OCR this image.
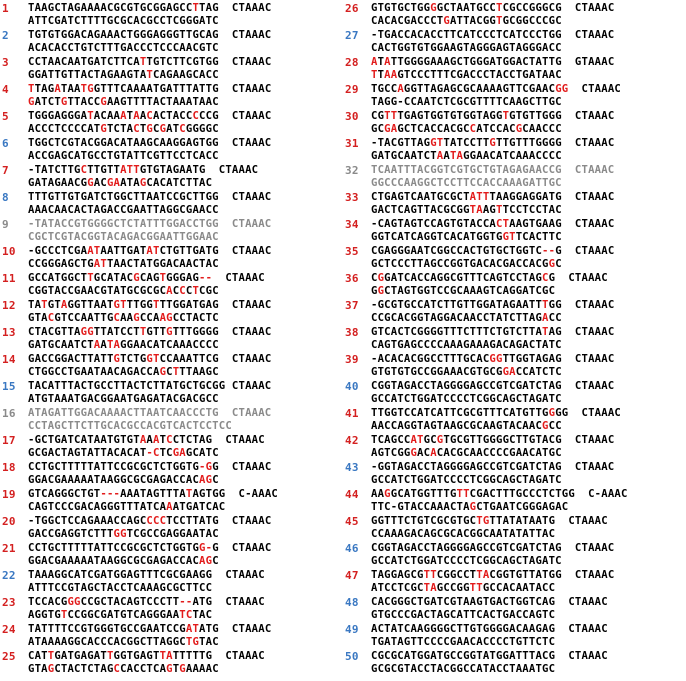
1	TAAGCTAGAAAACGCGTGCGGAGCCTTAG CTAAAC
ATTCGATCTTTTGCGCACGCCTCGGGATC
2	TGTGTGGACAGAAACTGGGAGGGTTGCAG  CTAAAC
ACACACCTGTCTTTGACCCTCCCAACGTC
3	CCTAACAATGATCTTCATTGTCTTCGTGG CTAAAC
GGATTGTTACTAGAAGTATCAGAAGCACC
4	TTAGATAATGGTTTCAAAATGATTTATTG CTAAAC
GATCTGTTACCGAAGTTTTACTAAATAAC
5	TGGGAGGGATACAAATAACACTACCCCCG CTAAAC
ACCCTCCCCATGTCTACTGCGATCGGGGC
6	TGGCTCGTACGGACATAAGCAAGGAGTGG  CTAAAC
ACCGAGCATGCCTGTATTCGTTCCTCACC
7	-TATCTTGCTTGTTATTGTGTAGAATG CTAAAC
GATAGAACGGACGAATAGCACATCTTAC
8	TTTGTTGTGATCTGGCTTAATCCGCTTGG  CTAAAC
AAACAACACTAGACCGAATTAGGCGAACC
9	-TATACCGTGGGGCTCTATTTGGACCTGG  CTAAAC
CGCTCGTACGGTACAGACGGAATTGGAAC
10	-GCCCTCGAATAATTGATATCTGTTGATG CTAAAC
CCGGGAGCTGATTAACTATGGACAACTAC
11	GCCATGGCTTGCATACGCAGTGGGAG-- CTAAAC
CGGTACCGAACGTATGCGCGCACCCTCGC
12	TATGTAGGTTAATGTTTGGTTTGGATGAG CTAAAC
GTACGTCCAATTGCAAGCCAAGCCTACTC
13	CTACGTTAGGTTATCCTTGTTGTTTGGGG CTAAAC
GATGCAATCTAATAGGAACATCAAACCCC
14	GACCGGACTTATTGTCTGGTCCAAATTCG CTAAAC
CTGGCCTGAATAACAGACCAGCTTTAAGC
15	TACATTTACTGCCTTACTCTTATGCTGCGG CTAAAC
ATGTAAATGACGGAATGAGATACGACGCC
16	ATAGATTGGACAAAACTTAATCAACCCTG  CTAAAC
CCTAGCTTCTTGCACGCCACGTCACTCCTCC
17	-GCTGATCATAATGTGTAAATCCTCTAG CTAAAC
GCGACTAGTATTACACAT-CTCGAGCATC
18	CCTGCTTTTTATTCCGCGCTCTGGTG-GG CTAAAC
GGACGAAAAATAAGGCGCGAGACCACAGC
19	GTCAGGGCTGT---AAATAGTTTATAGTGG C-AAAC
CAGTCCCGACAGGGTTTATCAAATGATCAC
20	-TGGCTCCAGAAACCAGCCCCTCCTTATG CTAAAC
GACCGAGGTCTTTGGTCGCCGAGGAATAC
21	CCTGCTTTTTATTCCGCGCTCTGGTGG-G CTAAAC
GGACGAAAAATAAGGCGCGAGACCACAGC
22	TAAAGGCATCGATGGAGTTTCGCGAAGG  CTAAAC
ATTTCCGTAGCTACCTCAAAGCGCTTCC
23	TCCACGGGCCGCTACAGTCCCTT--ATG CTAAAC
AGGTGTCCGGCGATGTCAGGGAATCTAC
24	TATTTTCCGTGGGTGCCGAATCCGATATG CTAAAC
ATAAAAGGCACCCACGGCTTAGGCTGTAC
25	CATTGATGAGATTGGTGAGTTATTTTTG CTAAAC
GTAGCTACTCTAGCCACCTCAGTGAAAAC
26	GTGTGCTGGGGCTAATGCCTCGCCGGGCG CTAAAC
CACACGACCCTGATTACGGTGCGGCCCGC
27	-TGACCACACCTTCATCCCTCATCCCTGG  CTAAAC
CACTGGTGTGGAAGTAGGGAGTAGGGACC
28	ATATTGGGGAAAGCTGGGATGGACTATTG GTAAAC
TTAAGTCCCTTTCGACCCTACCTGATAAC
29	TGCCAGGTTAGAGCGCAAAAGTTCGAACGG CTAAAC
TAGG-CCAATCTCGCGTTTTCAAGCTTGC
30	CGTTTGAGTGGTGTGGTAGGTGTGTTGGG CTAAAC
GCGAGCTCACCACGCCATCCACGCAACCC
31	-TACGTTAGGTTATCCTTGTTGTTTGGGG CTAAAC
GATGCAATCTAATAGGAACATCAAACCCC
32	TCAATTTACGGTCGTGCTGTAGAGAACCG  CTAAAC
GGCCCAAGGCTCCTTCCACCAAAGATTGC
33	CTGAGTCAATGCGCTATTTAAGGAGGATG CTAAAC
GACTCAGTTACGCGGTAAGTTCCTCCTAC
34	-CAGTAGTCCAGTGTACCACTAAGTGAAG CTAAAC
GGTCATCAGGTCACATGGTGGTTCACTTC
35	CGAGGGAATCGGCCACTGTGCTGGTC--G CTAAAC
GCTCCCTTAGCCGGTGACACGACCACGGC
36	CGGATCACCAGGCGTTTCAGTCCTAGCG CTAAAC
GGCTAGTGGTCCGCAAAGTCAGGATCGC
37	-GCGTGCCATCTTGTTGGATAGAATTTGG CTAAAC
CCGCACGGTAGGACAACCTATCTTAGACC
38	GTCACTCGGGGTTTCTTTCTGTCTTATAG CTAAAC
CAGTGAGCCCCAAAGAAAGACAGACTATC
39	-ACACACGGCCTTTGCACGGTTGGTAGAG CTAAAC
GTGTGTGCCGGAAACGTGCGGACCATCTC
40	CGGTAGACCTAGGGGAGCCGTCGATCTAG  CTAAAC
GCCATCTGGATCCCCTCGGCAGCTAGATC
41	TTGGTCCATCATTCGCGTTTCATGTTGGGG CTAAAC
AACCAGGTAGTAAGCGCAAGTACAACGCC
42	TCAGCCATGCGTGCGTTGGGGCTTGTACG CTAAAC
AGTCGGGACACACGCAACCCCGAACATGC
43	-GGTAGACCTAGGGGAGCCGTCGATCTAG  CTAAAC
GCCATCTGGATCCCCTCGGCAGCTAGATC
44	AAGGCATGGTTTGTTCGACTTTGCCCTCTGG C-AAAC
TTC-GTACCAAACTAGCTGAATCGGGAGAC
45	GGTTTCTGTCGCGTGCTGTTATATAATG CTAAAC
CCAAAGACAGCGCACGGCAATATATTAC
46	CGGTAGACCTAGGGGAGCCGTCGATCTAG  CTAAAC
GCCATCTGGATCCCCTCGGCAGCTAGATC
47	TAGGAGCGTTCGGCCTTACGGTGTTATGG CTAAAC
ATCCTCGCTAGCCGGTTGCCACAATACC
48	CACGGGCTGATCGTAAGTGACTGGTCAG  CTAAAC
GTGCCCGACTAGCATTCACTGACCAGTC
49	ACTATCAAGGGGCTTGTGGGGACAAGAG  CTAAAC
TGATAGTTCCCCGAACACCCCTGTTCTC
50	CGCGCATGGATGCCGGTATGGATTTACG  CTAAAC
GCGCGTACCTACGGCCATACCTAAATGC
